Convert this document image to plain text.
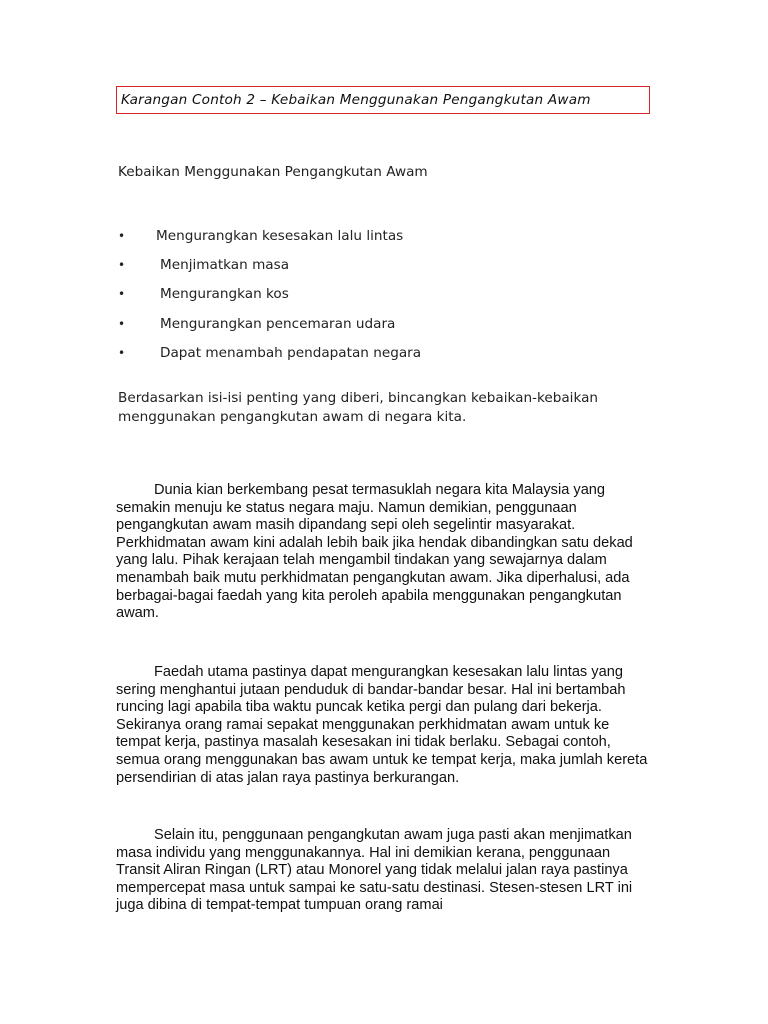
Karangan Contoh 2 – Kebaikan Menggunakan Pengangkutan Awam
Kebaikan Menggunakan Pengangkutan Awam
•	Mengurangkan kesesakan lalu lintas
•	Menjimatkan masa
•	Mengurangkan kos
•	Mengurangkan pencemaran udara
•	Dapat menambah pendapatan negara
Berdasarkan isi-isi penting yang diberi, bincangkan kebaikan-kebaikan menggunakan pengangkutan awam di negara kita.

Dunia kian berkembang pesat termasuklah negara kita Malaysia yang semakin menuju ke status negara maju. Namun demikian, penggunaan pengangkutan awam masih dipandang sepi oleh segelintir masyarakat. Perkhidmatan awam kini adalah lebih baik jika hendak dibandingkan satu dekad yang lalu. Pihak kerajaan telah mengambil tindakan yang sewajarnya dalam menambah baik mutu perkhidmatan pengangkutan awam. Jika diperhalusi, ada berbagai-bagai faedah yang kita peroleh apabila menggunakan pengangkutan awam.

Faedah utama pastinya dapat mengurangkan kesesakan lalu lintas yang sering menghantui jutaan penduduk di bandar-bandar besar. Hal ini bertambah runcing lagi apabila tiba waktu puncak ketika pergi dan pulang dari bekerja. Sekiranya orang ramai sepakat menggunakan perkhidmatan awam untuk ke tempat kerja, pastinya masalah kesesakan ini tidak berlaku. Sebagai contoh, semua orang menggunakan bas awam untuk ke tempat kerja, maka jumlah kereta persendirian di atas jalan raya pastinya berkurangan.

Selain itu, penggunaan pengangkutan awam juga pasti akan menjimatkan masa individu yang menggunakannya. Hal ini demikian kerana, penggunaan Transit Aliran Ringan (LRT) atau Monorel yang tidak melalui jalan raya pastinya mempercepat masa untuk sampai ke satu-satu destinasi. Stesen-stesen LRT ini juga dibina di tempat-tempat tumpuan orang ramai
